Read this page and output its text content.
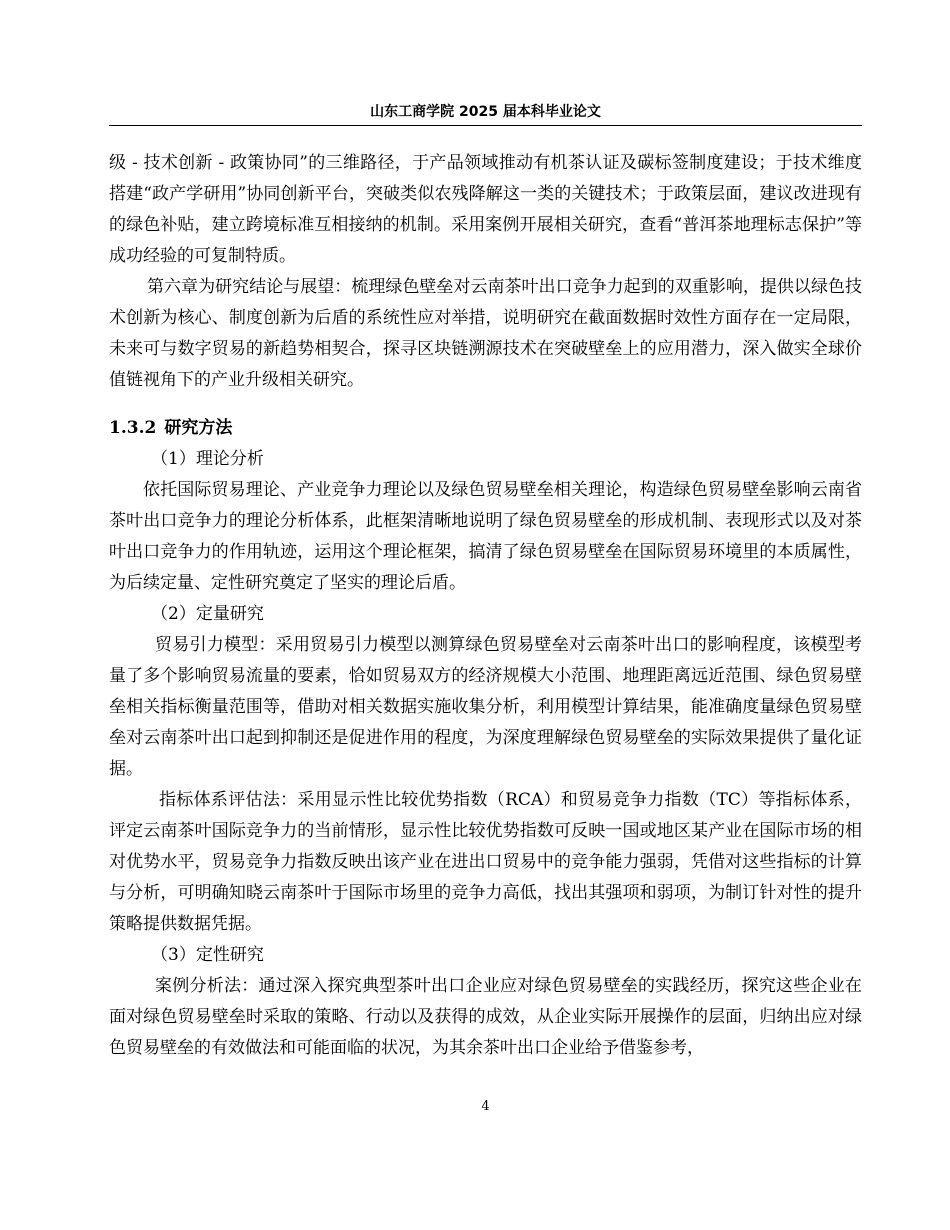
山东工商学院 2025 届本科毕业论文

级 - 技术创新 - 政策协同”的三维路径，于产品领域推动有机茶认证及碳标签制度建设；于技术维度搭建“政产学研用”协同创新平台，突破类似农残降解这一类的关键技术；于政策层面，建议改进现有的绿色补贴，建立跨境标准互相接纳的机制。采用案例开展相关研究，查看“普洱茶地理标志保护”等成功经验的可复制特质。

第六章为研究结论与展望：梳理绿色壁垒对云南茶叶出口竞争力起到的双重影响，提供以绿色技术创新为核心、制度创新为后盾的系统性应对举措，说明研究在截面数据时效性方面存在一定局限，未来可与数字贸易的新趋势相契合，探寻区块链溯源技术在突破壁垒上的应用潜力，深入做实全球价值链视角下的产业升级相关研究。

1.3.2 研究方法

（1）理论分析

依托国际贸易理论、产业竞争力理论以及绿色贸易壁垒相关理论，构造绿色贸易壁垒影响云南省茶叶出口竞争力的理论分析体系，此框架清晰地说明了绿色贸易壁垒的形成机制、表现形式以及对茶叶出口竞争力的作用轨迹，运用这个理论框架，搞清了绿色贸易壁垒在国际贸易环境里的本质属性，为后续定量、定性研究奠定了坚实的理论后盾。

（2）定量研究

贸易引力模型：采用贸易引力模型以测算绿色贸易壁垒对云南茶叶出口的影响程度，该模型考量了多个影响贸易流量的要素，恰如贸易双方的经济规模大小范围、地理距离远近范围、绿色贸易壁垒相关指标衡量范围等，借助对相关数据实施收集分析，利用模型计算结果，能准确度量绿色贸易壁垒对云南茶叶出口起到抑制还是促进作用的程度，为深度理解绿色贸易壁垒的实际效果提供了量化证据。

指标体系评估法：采用显示性比较优势指数（RCA）和贸易竞争力指数（TC）等指标体系，评定云南茶叶国际竞争力的当前情形，显示性比较优势指数可反映一国或地区某产业在国际市场的相对优势水平，贸易竞争力指数反映出该产业在进出口贸易中的竞争能力强弱，凭借对这些指标的计算与分析，可明确知晓云南茶叶于国际市场里的竞争力高低，找出其强项和弱项，为制订针对性的提升策略提供数据凭据。

（3）定性研究

案例分析法：通过深入探究典型茶叶出口企业应对绿色贸易壁垒的实践经历，探究这些企业在面对绿色贸易壁垒时采取的策略、行动以及获得的成效，从企业实际开展操作的层面，归纳出应对绿色贸易壁垒的有效做法和可能面临的状况，为其余茶叶出口企业给予借鉴参考，

4
